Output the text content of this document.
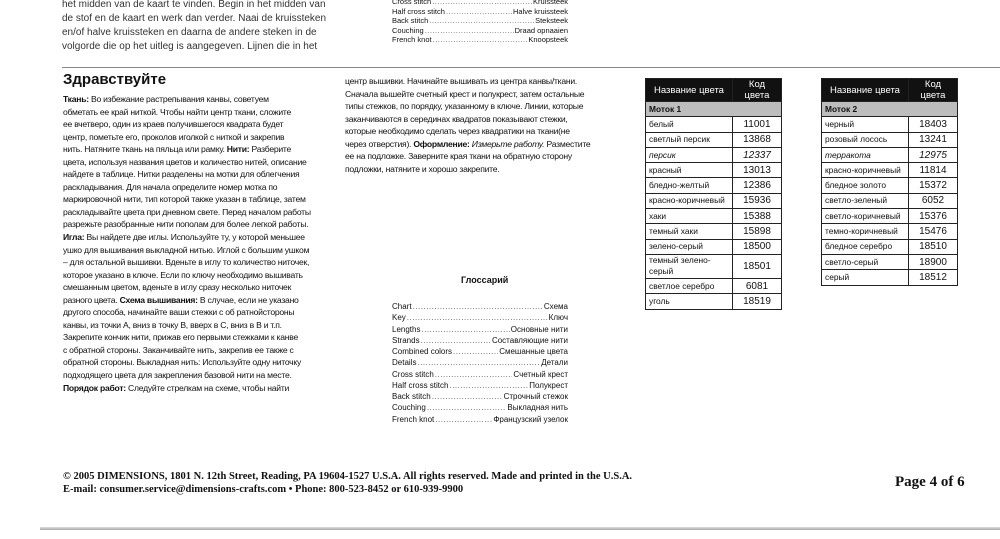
het midden van de kaart te vinden. Begin in het midden van
de stof en de kaart en werk dan verder. Naai de kruissteken
en/of halve kruissteken en daarna de andere steken in de
volgorde die op het uitleg is aangegeven. Lijnen die in het
Cross stitch .....	Kruissteek
Half cross stitch .....	Halve kruissteek
Back stitch .....	Steksteek
Couching .....	Draad opnaaien
French knot .....	Knoopsteek
Здравствуйте
Ткань: Во избежание растрепывания канвы, советуем
обметать ее край ниткой. Чтобы найти центр ткани, сложите
ее вчетверо, один из краев получившегося квадрата будет
центр, пометьте его, проколов иголкой с ниткой и закрепив
нить. Натяните ткань на пяльца или рамку. Нити: Разберите
цвета, используя названия цветов и количество нитей, описание
найдете в таблице. Нитки разделены на мотки для облегчения
раскладывания. Для начала определите номер мотка по
маркировочной нити, тип которой также указан в таблице, затем
раскладывайте цвета при дневном свете. Перед началом работы
разрежьте разобранные нити пополам для более легкой работы.
Игла: Вы найдете две иглы. Используйте ту, у которой меньшее
ушко для вышивания выкладной нитью. Иглой с большим ушком
– для остальной вышивки. Вденьте в иглу то количество ниточек,
которое указано в ключе. Если по ключу необходимо вышивать
смешанным цветом, вденьте в иглу сразу несколько ниточек
разного цвета. Схема вышивания: В случае, если не указано
другого способа, начинайте ваши стежки с об ратнойстороны
канвы, из точки А, вниз в точку В, вверх в С, вниз в В и т.п.
Закрепите кончик нити, прижав его первыми стежками к канве
с обратной стороны. Заканчивайте нить, закрепив ее также с
обратной стороны. Выкладная нить: Используйте одну ниточку
подходящего цвета для закрепления базовой нити на месте.
Порядок работ: Следуйте стрелкам на схеме, чтобы найти
центр вышивки. Начинайте вышивать из центра канвы/ткани.
Сначала вышейте счетный крест и полукрест, затем остальные
типы стежков, по порядку, указанному в ключе. Линии, которые
заканчиваются в серединах квадратов показывают стежки,
которые необходимо сделать через квадратики на ткани(не
через отверстия). Оформление: Измерьте работу. Разместите
ее на подложке. Заверните края ткани на обратную сторону
подложки, натяните и хорошо закрепите.
Глоссарий
Chart .....	Схема
Key .....	Ключ
Lengths .....	Основные нити
Strands .....	Составляющие нити
Combined colors .....	Смешанные цвета
Details .....	Детали
Cross stitch .....	Счетный крест
Half cross stitch .....	Полукрест
Back stitch .....	Строчный стежок
Couching .....	Выкладная нить
French knot .....	Французский узелок
Название цвета	Код цвета
Моток 1	
белый	11001
светлый персик	13868
персик	12337
красный	13013
бледно-желтый	12386
красно-коричневый	15936
хаки	15388
темный хаки	15898
зелено-серый	18500
темный зелено-серый	18501
светлое серебро	6081
уголь	18519
Название цвета	Код цвета
Моток 2	
черный	18403
розовый лосось	13241
терракота	12975
красно-коричневый	11814
бледное золото	15372
светло-зеленый	6052
светло-коричневый	15376
темно-коричневый	15476
бледное серебро	18510
светло-серый	18900
серый	18512
© 2005 DIMENSIONS, 1801 N. 12th Street, Reading, PA 19604-1527 U.S.A. All rights reserved. Made and printed in the U.S.A.
E-mail: consumer.service@dimensions-crafts.com • Phone: 800-523-8452 or 610-939-9900	Page 4 of 6
